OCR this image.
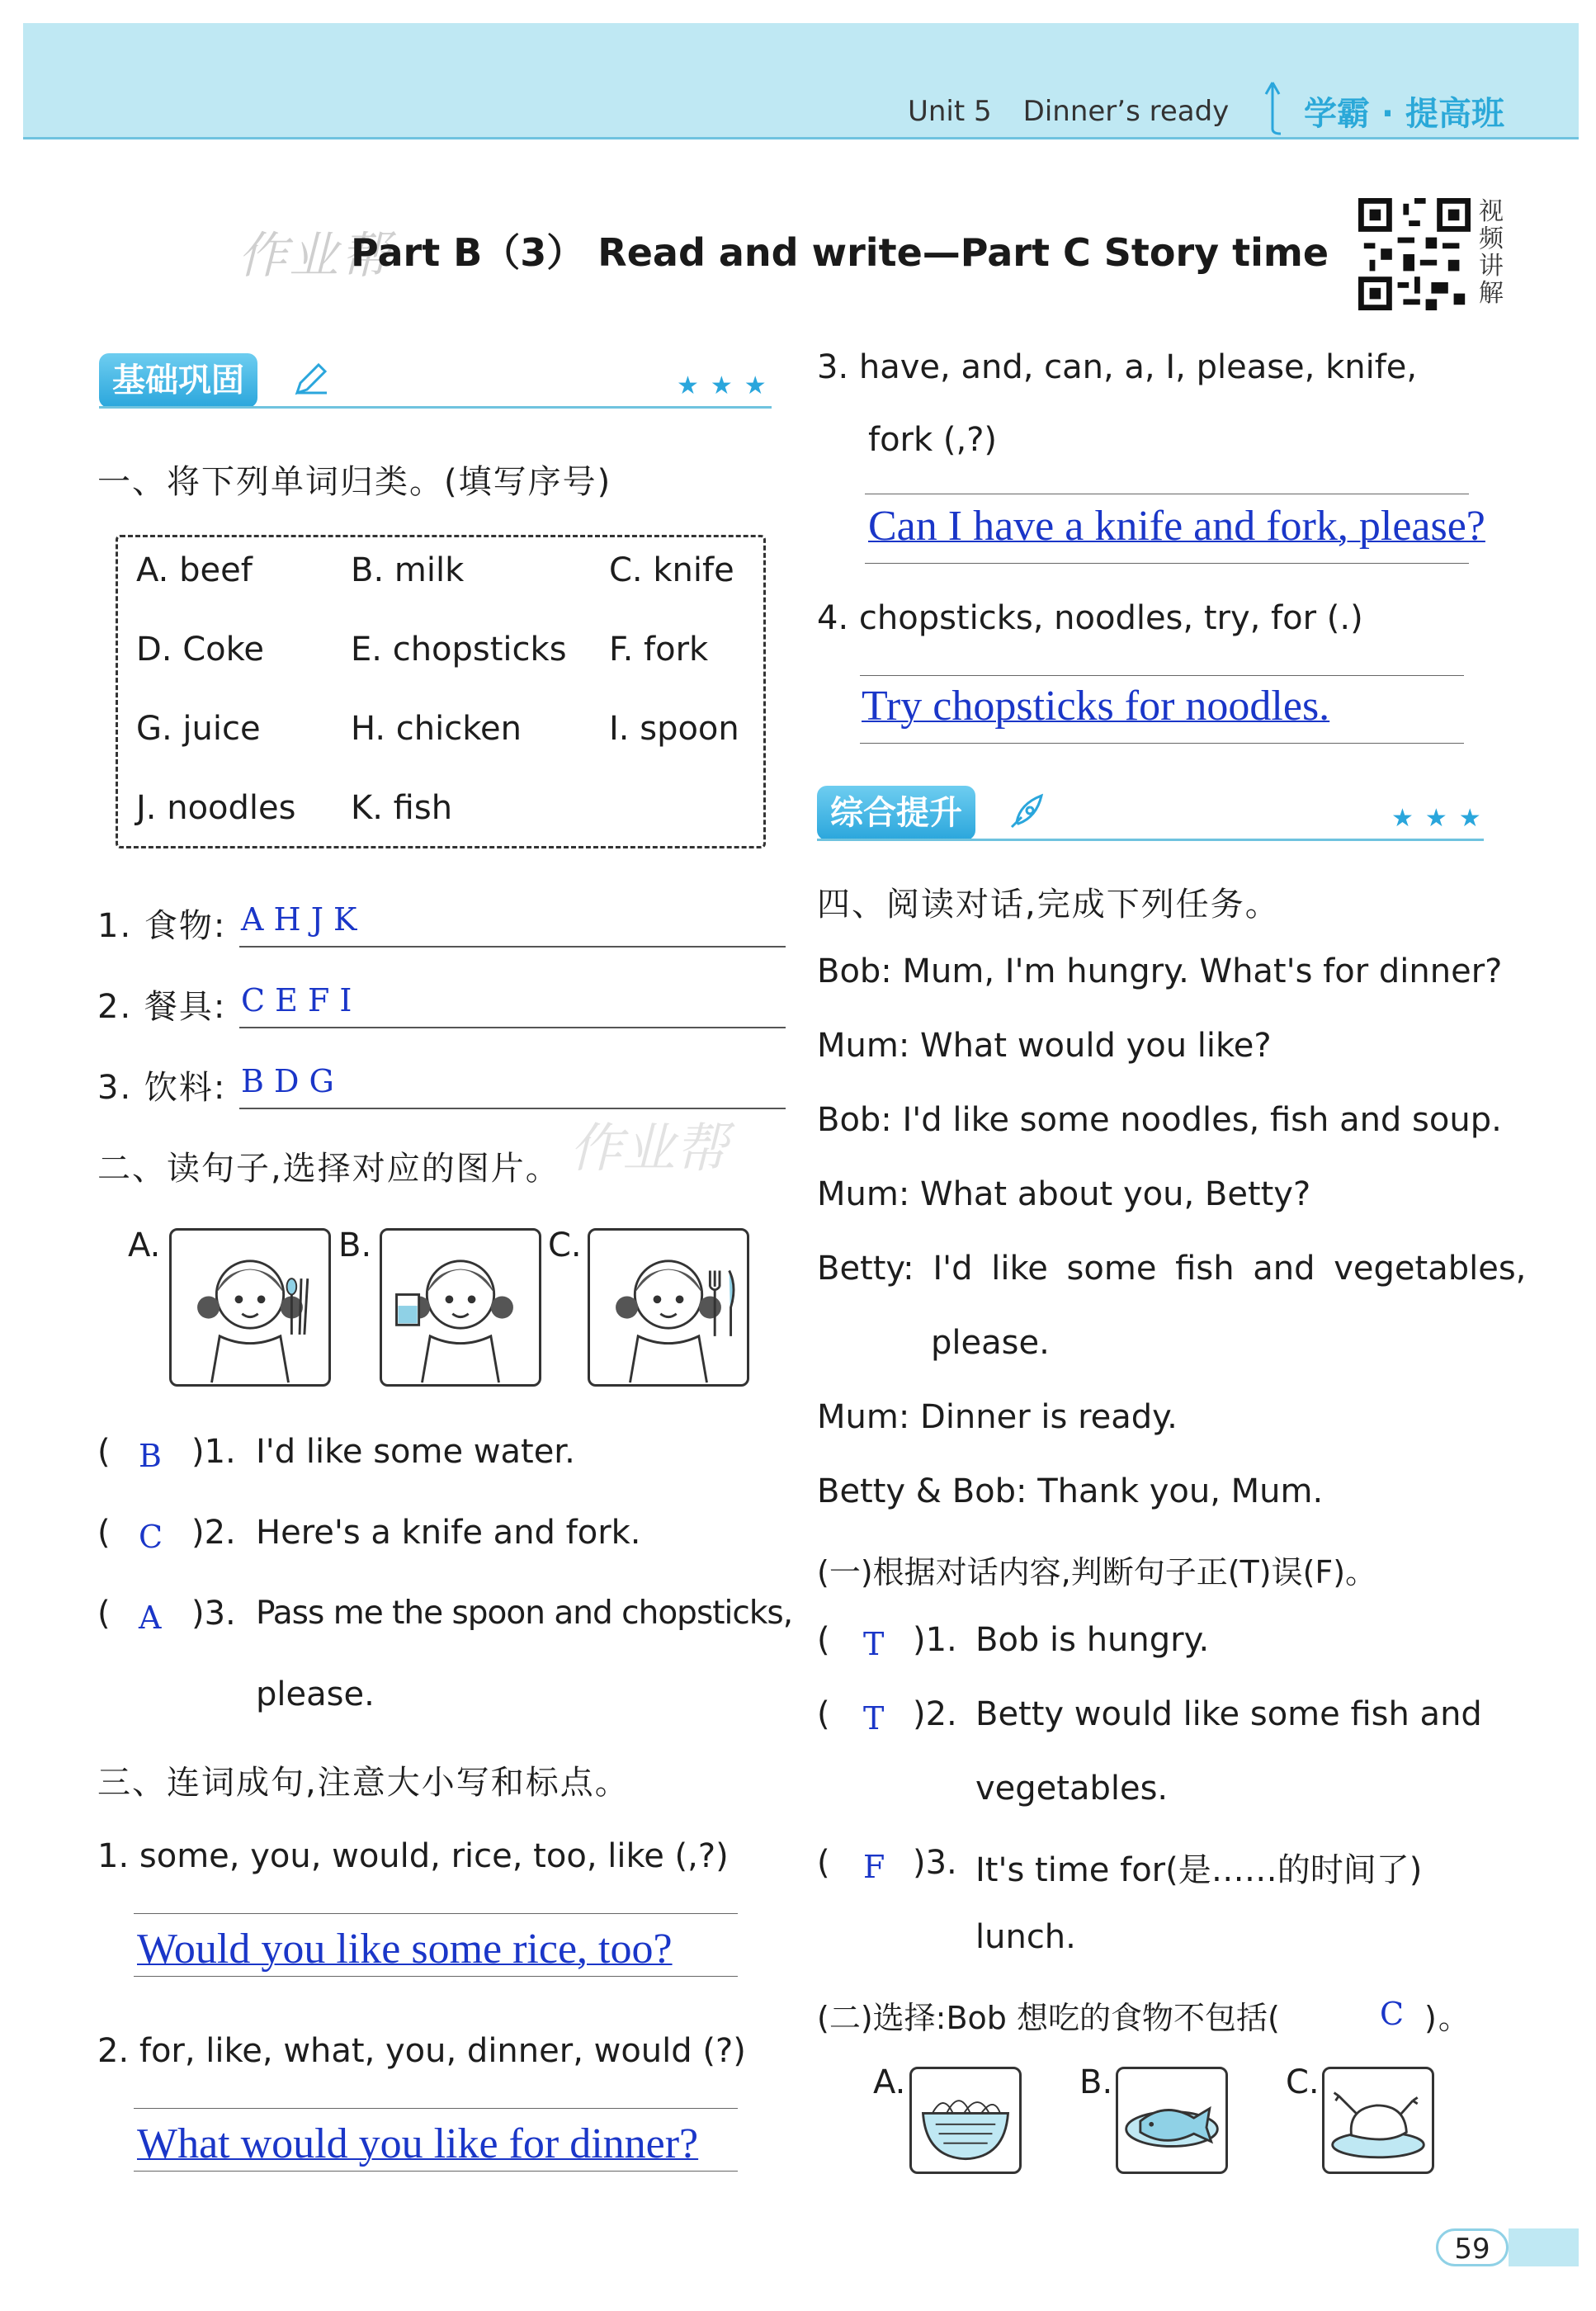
Unit 5 Dinner’s ready	学霸 · 提高班
作业帮
Part B（3） Read and write—Part C Story time
视频讲解
基础巩固	★★★
一、将下列单词归类。(填写序号)
A. beef	B. milk	C. knife
D. Coke	E. chopsticks F. fork
G. juice	H. chicken	I. spoon
J. noodles K. fish
1. 食物: A H J K
2. 餐具: C E F I
3. 饮料: B D G
作业帮
二、读句子,选择对应的图片。
A.	B.	C.
( B )1. I'd like some water.
( C )2. Here's a knife and fork.
( A )3. Pass me the spoon and chopsticks,
please.
三、连词成句,注意大小写和标点。
1. some, you, would, rice, too, like (,?)
Would you like some rice, too?
2. for, like, what, you, dinner, would (?)
What would you like for dinner?
3. have, and, can, a, I, please, knife,
fork (,?)
Can I have a knife and fork, please?
4. chopsticks, noodles, try, for (.)
Try chopsticks for noodles.
综合提升	★★★
四、阅读对话,完成下列任务。
Bob: Mum, I'm hungry. What's for dinner?
Mum: What would you like?
Bob: I'd like some noodles, fish and soup.
Mum: What about you, Betty?
Betty: I'd like some fish and vegetables,
please.
Mum: Dinner is ready.
Betty & Bob: Thank you, Mum.
(一)根据对话内容,判断句子正(T)误(F)。
( T )1. Bob is hungry.
( T )2. Betty would like some fish and
vegetables.
( F )3. It's time for(是……的时间了)
lunch.
(二)选择:Bob 想吃的食物不包括(	C )。
A.	B.	C.
59
